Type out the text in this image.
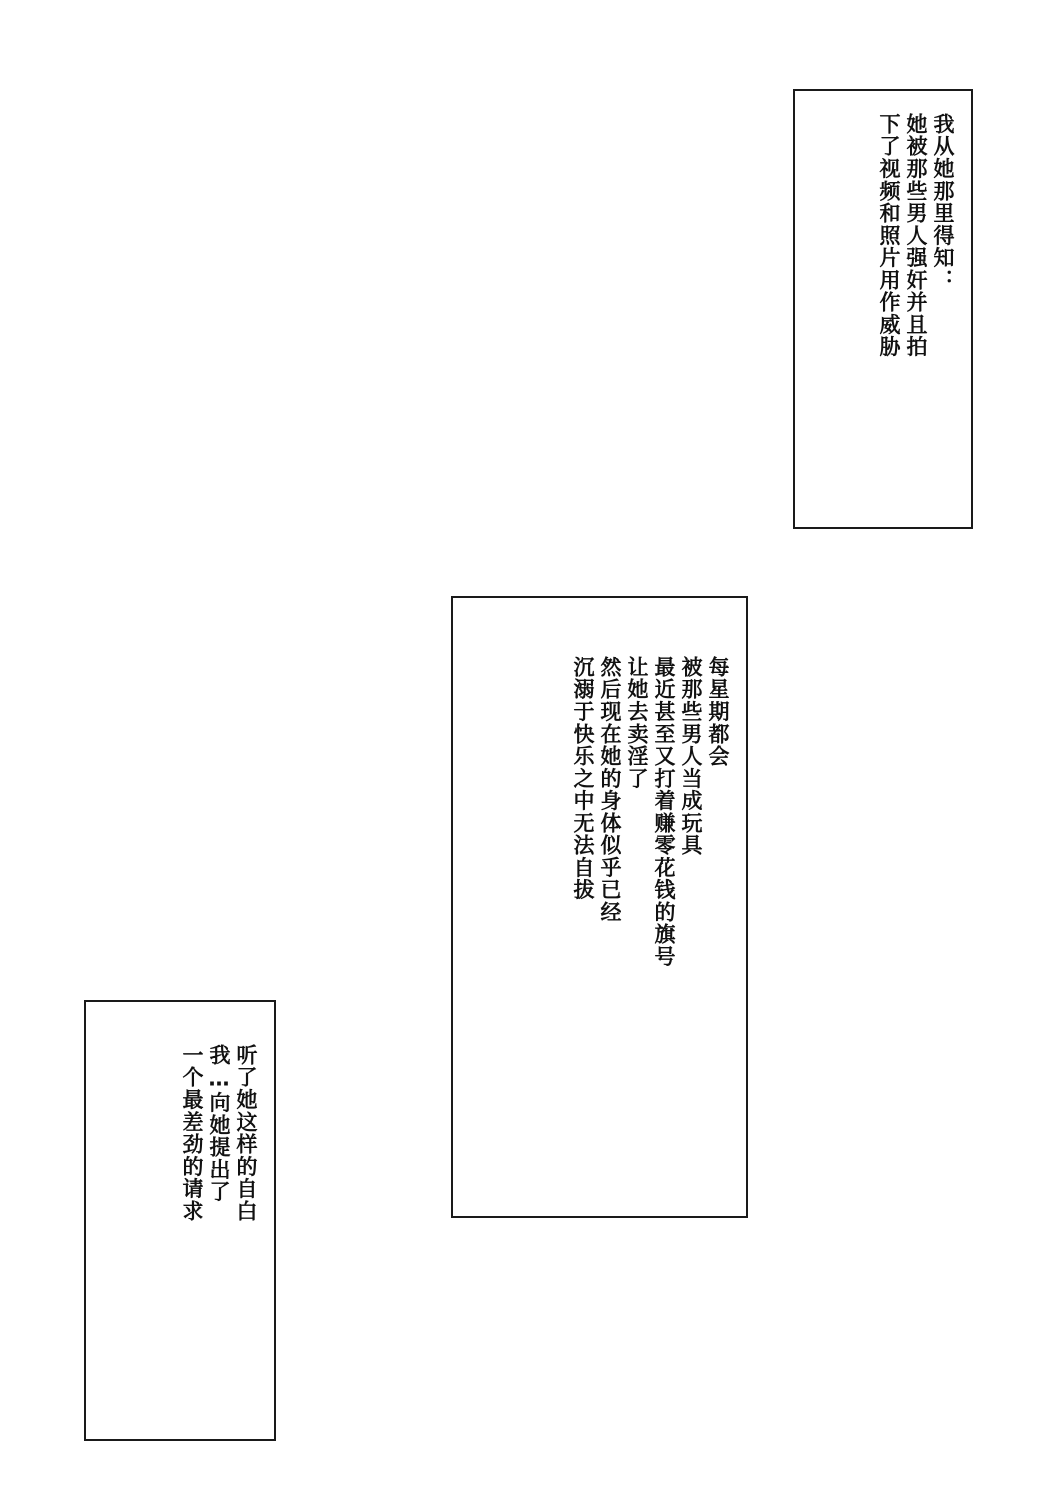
我从她那里得知：
她被那些男人强奸并且拍
下了视频和照片用作威胁
每星期都会
被那些男人当成玩具
最近甚至又打着赚零花钱的旗号
让她去卖淫了
然后现在她的身体似乎已经
沉溺于快乐之中无法自拔
听了她这样的自白
我…向她提出了
一个最差劲的请求
